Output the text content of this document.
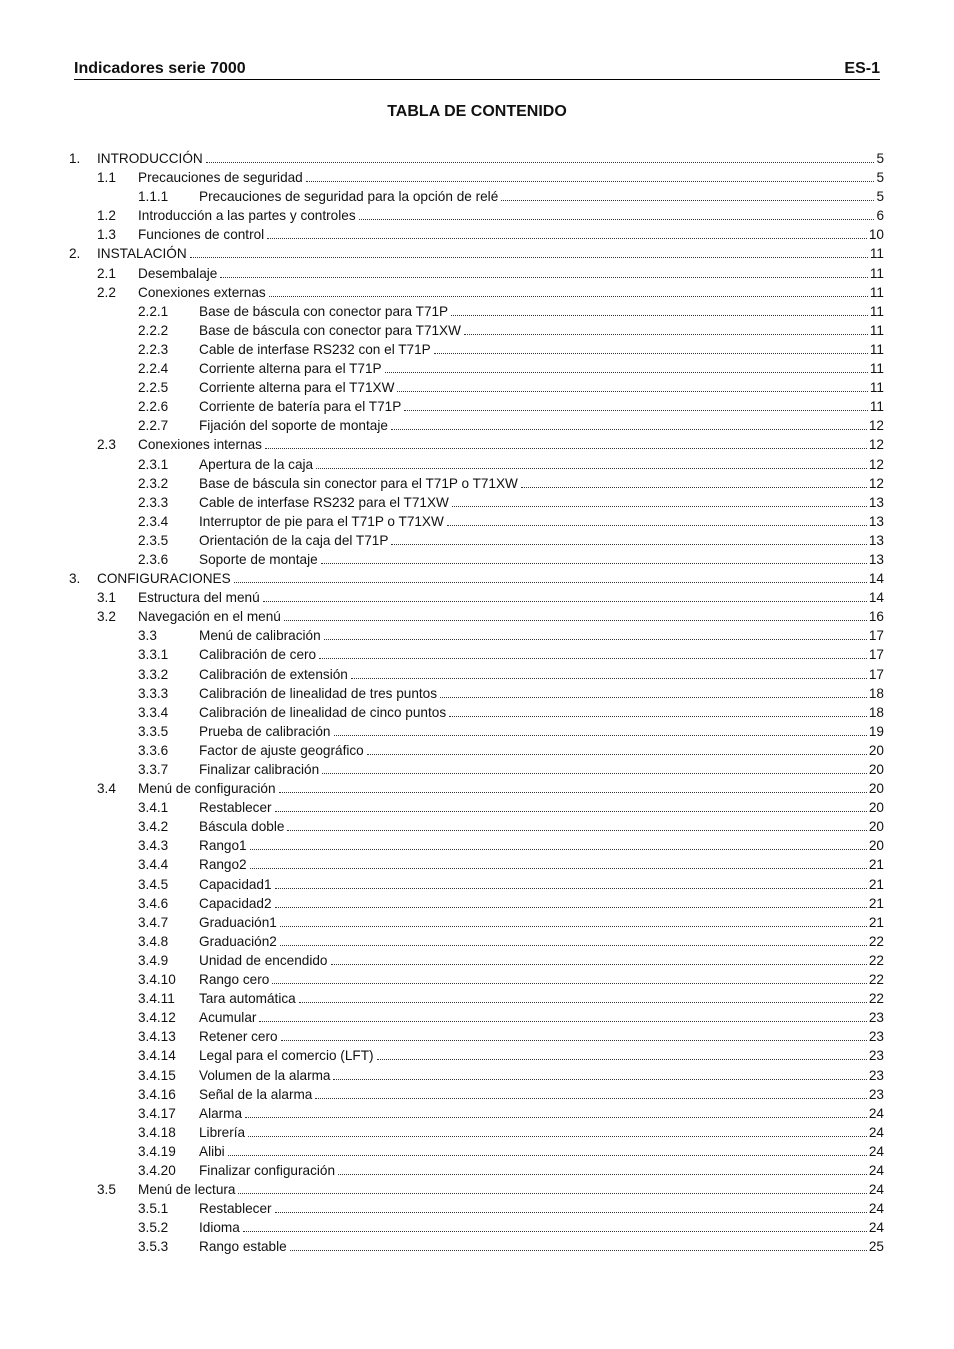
Indicadores serie 7000	ES-1
TABLA DE CONTENIDO
1. INTRODUCCIÓN	5
1.1 Precauciones de seguridad	5
1.1.1 Precauciones de seguridad para la opción de relé	5
1.2 Introducción a las partes y controles	6
1.3 Funciones de control	10
2. INSTALACIÓN	11
2.1 Desembalaje	11
2.2 Conexiones externas	11
2.2.1 Base de báscula con conector para T71P	11
2.2.2 Base de báscula con conector para T71XW	11
2.2.3 Cable de interfase RS232 con el T71P	11
2.2.4 Corriente alterna para el T71P	11
2.2.5 Corriente alterna para el T71XW	11
2.2.6 Corriente de batería para el T71P	11
2.2.7 Fijación del soporte de montaje	12
2.3 Conexiones internas	12
2.3.1 Apertura de la caja	12
2.3.2 Base de báscula sin conector para el T71P o T71XW	12
2.3.3 Cable de interfase RS232 para el T71XW	13
2.3.4 Interruptor de pie para el T71P o T71XW	13
2.3.5 Orientación de la caja del T71P	13
2.3.6 Soporte de montaje	13
3. CONFIGURACIONES	14
3.1 Estructura del menú	14
3.2 Navegación en el menú	16
3.3	Menú de calibración	17
3.3.1 Calibración de cero	17
3.3.2 Calibración de extensión	17
3.3.3 Calibración de linealidad de tres puntos	18
3.3.4 Calibración de linealidad de cinco puntos	18
3.3.5 Prueba de calibración	19
3.3.6 Factor de ajuste geográfico	20
3.3.7 Finalizar calibración	20
3.4 Menú de configuración	20
3.4.1 Restablecer	20
3.4.2 Báscula doble	20
3.4.3 Rango1	20
3.4.4 Rango2	21
3.4.5 Capacidad1	21
3.4.6 Capacidad2	21
3.4.7 Graduación1	21
3.4.8 Graduación2	22
3.4.9 Unidad de encendido	22
3.4.10 Rango cero	22
3.4.11 Tara automática	22
3.4.12 Acumular	23
3.4.13 Retener cero	23
3.4.14 Legal para el comercio (LFT)	23
3.4.15 Volumen de la alarma	23
3.4.16 Señal de la alarma	23
3.4.17 Alarma	24
3.4.18 Librería	24
3.4.19 Alibi	24
3.4.20 Finalizar configuración	24
3.5 Menú de lectura	24
3.5.1 Restablecer	24
3.5.2 Idioma	24
3.5.3 Rango estable	25
